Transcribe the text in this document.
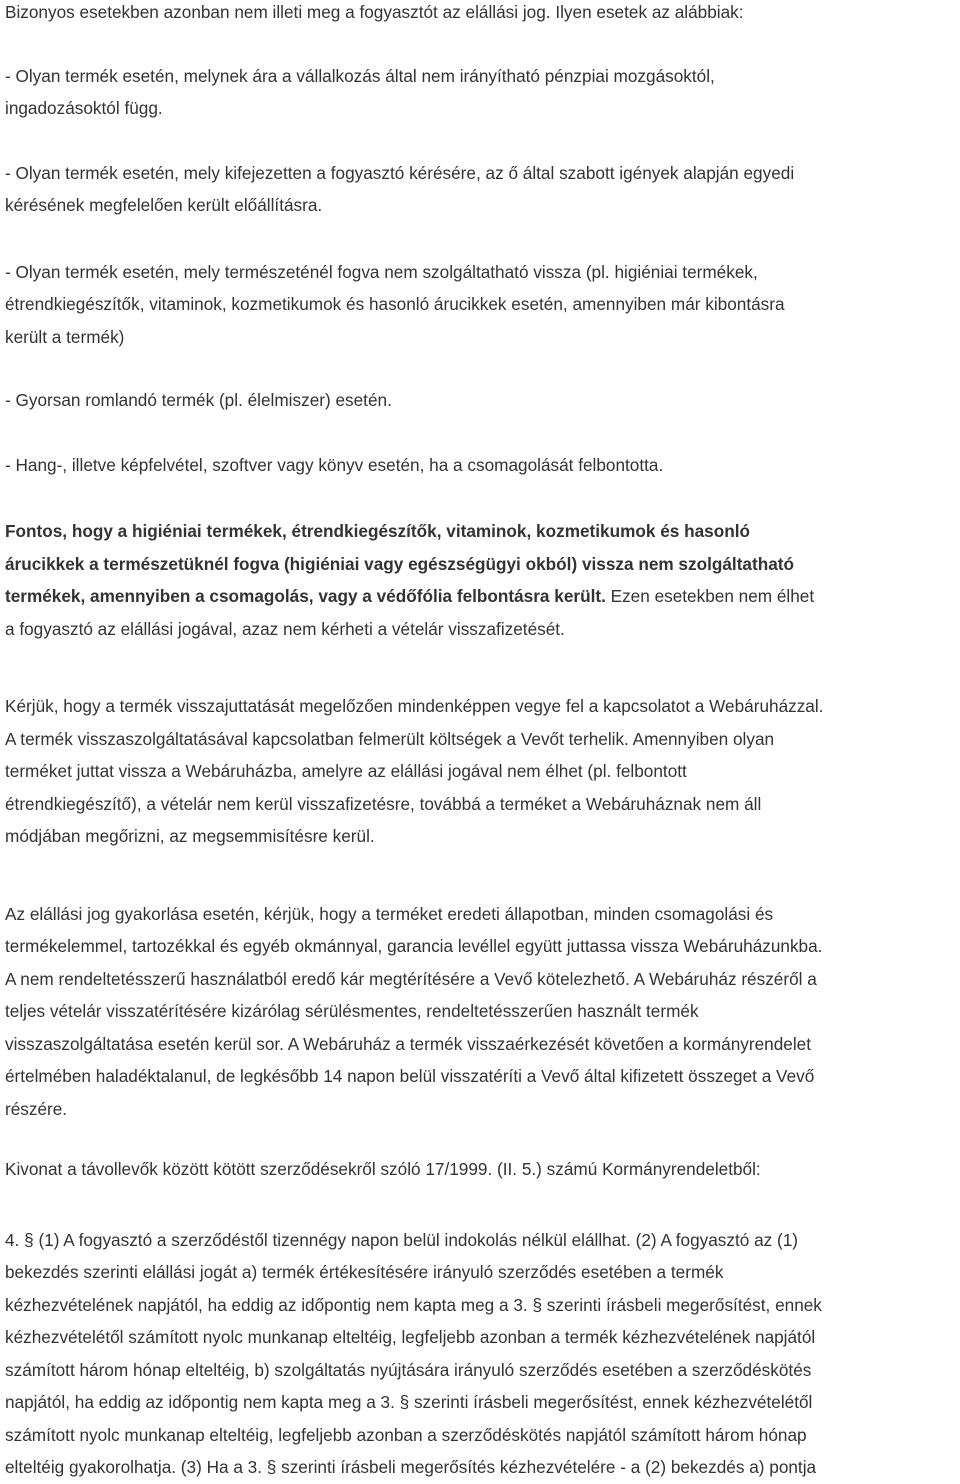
Bizonyos esetekben azonban nem illeti meg a fogyasztót az elállási jog. Ilyen esetek az alábbiak:
- Olyan termék esetén, melynek ára a vállalkozás által nem irányítható pénzpiai mozgásoktól,
ingadozásoktól függ.
- Olyan termék esetén, mely kifejezetten a fogyasztó kérésére, az ő által szabott igények alapján egyedi
kérésének megfelelően került előállításra.
- Olyan termék esetén, mely természeténél fogva nem szolgáltatható vissza (pl. higiéniai termékek,
étrendkiegészítők, vitaminok, kozmetikumok és hasonló árucikkek esetén, amennyiben már kibontásra
került a termék)
- Gyorsan romlandó termék (pl. élelmiszer) esetén.
- Hang-, illetve képfelvétel, szoftver vagy könyv esetén, ha a csomagolását felbontotta.
Fontos, hogy a higiéniai termékek, étrendkiegészítők, vitaminok, kozmetikumok és hasonló
árucikkek a természetüknél fogva (higiéniai vagy egészségügyi okból) vissza nem szolgáltatható
termékek, amennyiben a csomagolás, vagy a védőfólia felbontásra került. Ezen esetekben nem élhet
a fogyasztó az elállási jogával, azaz nem kérheti a vételár visszafizetését.
Kérjük, hogy a termék visszajuttatását megelőzően mindenképpen vegye fel a kapcsolatot a Webáruházzal.
A termék visszaszolgáltatásával kapcsolatban felmerült költségek a Vevőt terhelik. Amennyiben olyan
terméket juttat vissza a Webáruházba, amelyre az elállási jogával nem élhet (pl. felbontott
étrendkiegészítő), a vételár nem kerül visszafizetésre, továbbá a terméket a Webáruháznak nem áll
módjában megőrizni, az megsemmisítésre kerül.
Az elállási jog gyakorlása esetén, kérjük, hogy a terméket eredeti állapotban, minden csomagolási és
termékelemmel, tartozékkal és egyéb okmánnyal, garancia levéllel együtt juttassa vissza Webáruházunkba.
A nem rendeltetésszerű használatból eredő kár megtérítésére a Vevő kötelezhető. A Webáruház részéről a
teljes vételár visszatérítésére kizárólag sérülésmentes, rendeltetésszerűen használt termék
visszaszolgáltatása esetén kerül sor. A Webáruház a termék visszaérkezését követően a kormányrendelet
értelmében haladéktalanul, de legkésőbb 14 napon belül visszatéríti a Vevő által kifizetett összeget a Vevő
részére.
Kivonat a távollevők között kötött szerződésekről szóló 17/1999. (II. 5.) számú Kormányrendeletből:
4. § (1) A fogyasztó a szerződéstől tizennégy napon belül indokolás nélkül elállhat. (2) A fogyasztó az (1)
bekezdés szerinti elállási jogát a) termék értékesítésére irányuló szerződés esetében a termék
kézhezvételének napjától, ha eddig az időpontig nem kapta meg a 3. § szerinti írásbeli megerősítést, ennek
kézhezvételétől számított nyolc munkanap elteltéig, legfeljebb azonban a termék kézhezvételének napjától
számított három hónap elteltéig, b) szolgáltatás nyújtására irányuló szerződés esetében a szerződéskötés
napjától, ha eddig az időpontig nem kapta meg a 3. § szerinti írásbeli megerősítést, ennek kézhezvételétől
számított nyolc munkanap elteltéig, legfeljebb azonban a szerződéskötés napjától számított három hónap
elteltéig gyakorolhatja. (3) Ha a 3. § szerinti írásbeli megerősítés kézhezvételére - a (2) bekezdés a) pontja
